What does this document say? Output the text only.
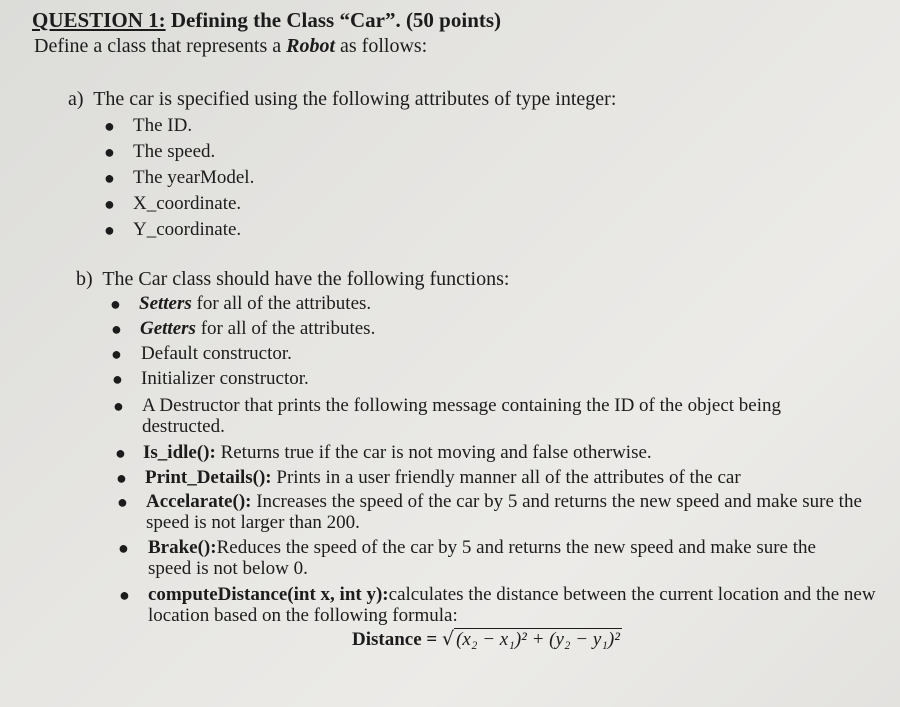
QUESTION 1: Defining the Class “Car”. (50 points)
Define a class that represents a Robot as follows:
a) The car is specified using the following attributes of type integer:
● The ID.
● The speed.
● The yearModel.
● X_coordinate.
● Y_coordinate.
b) The Car class should have the following functions:
● Setters for all of the attributes.
● Getters for all of the attributes.
● Default constructor.
● Initializer constructor.
● A Destructor that prints the following message containing the ID of the object being destructed.
● Is_idle(): Returns true if the car is not moving and false otherwise.
● Print_Details(): Prints in a user friendly manner all of the attributes of the car
● Accelarate(): Increases the speed of the car by 5 and returns the new speed and make sure the speed is not larger than 200.
● Brake():Reduces the speed of the car by 5 and returns the new speed and make sure the speed is not below 0.
● computeDistance(int x, int y):calculates the distance between the current location and the new location based on the following formula:
Distance = √ (x₂ − x₁)² + (y₂ − y₁)²
